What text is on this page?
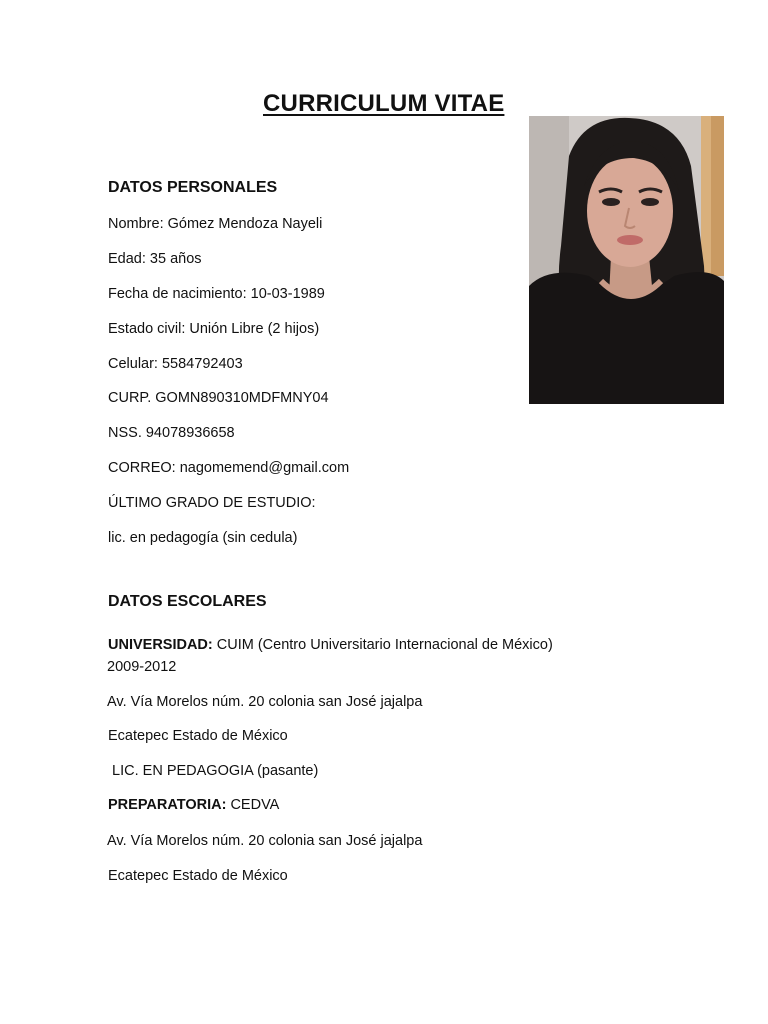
CURRICULUM VITAE
DATOS PERSONALES
Nombre: Gómez Mendoza Nayeli
Edad: 35 años
Fecha de nacimiento: 10-03-1989
Estado civil: Unión Libre (2 hijos)
Celular: 5584792403
CURP. GOMN890310MDFMNY04
NSS. 94078936658
CORREO: nagomemend@gmail.com
ÚLTIMO GRADO DE ESTUDIO:
lic. en pedagogía (sin cedula)
DATOS ESCOLARES
UNIVERSIDAD: CUIM (Centro Universitario Internacional de México)
2009-2012
Av. Vía Morelos núm. 20 colonia san José jajalpa
Ecatepec Estado de México
LIC. EN PEDAGOGIA (pasante)
PREPARATORIA: CEDVA
Av. Vía Morelos núm. 20 colonia san José jajalpa
Ecatepec Estado de México
